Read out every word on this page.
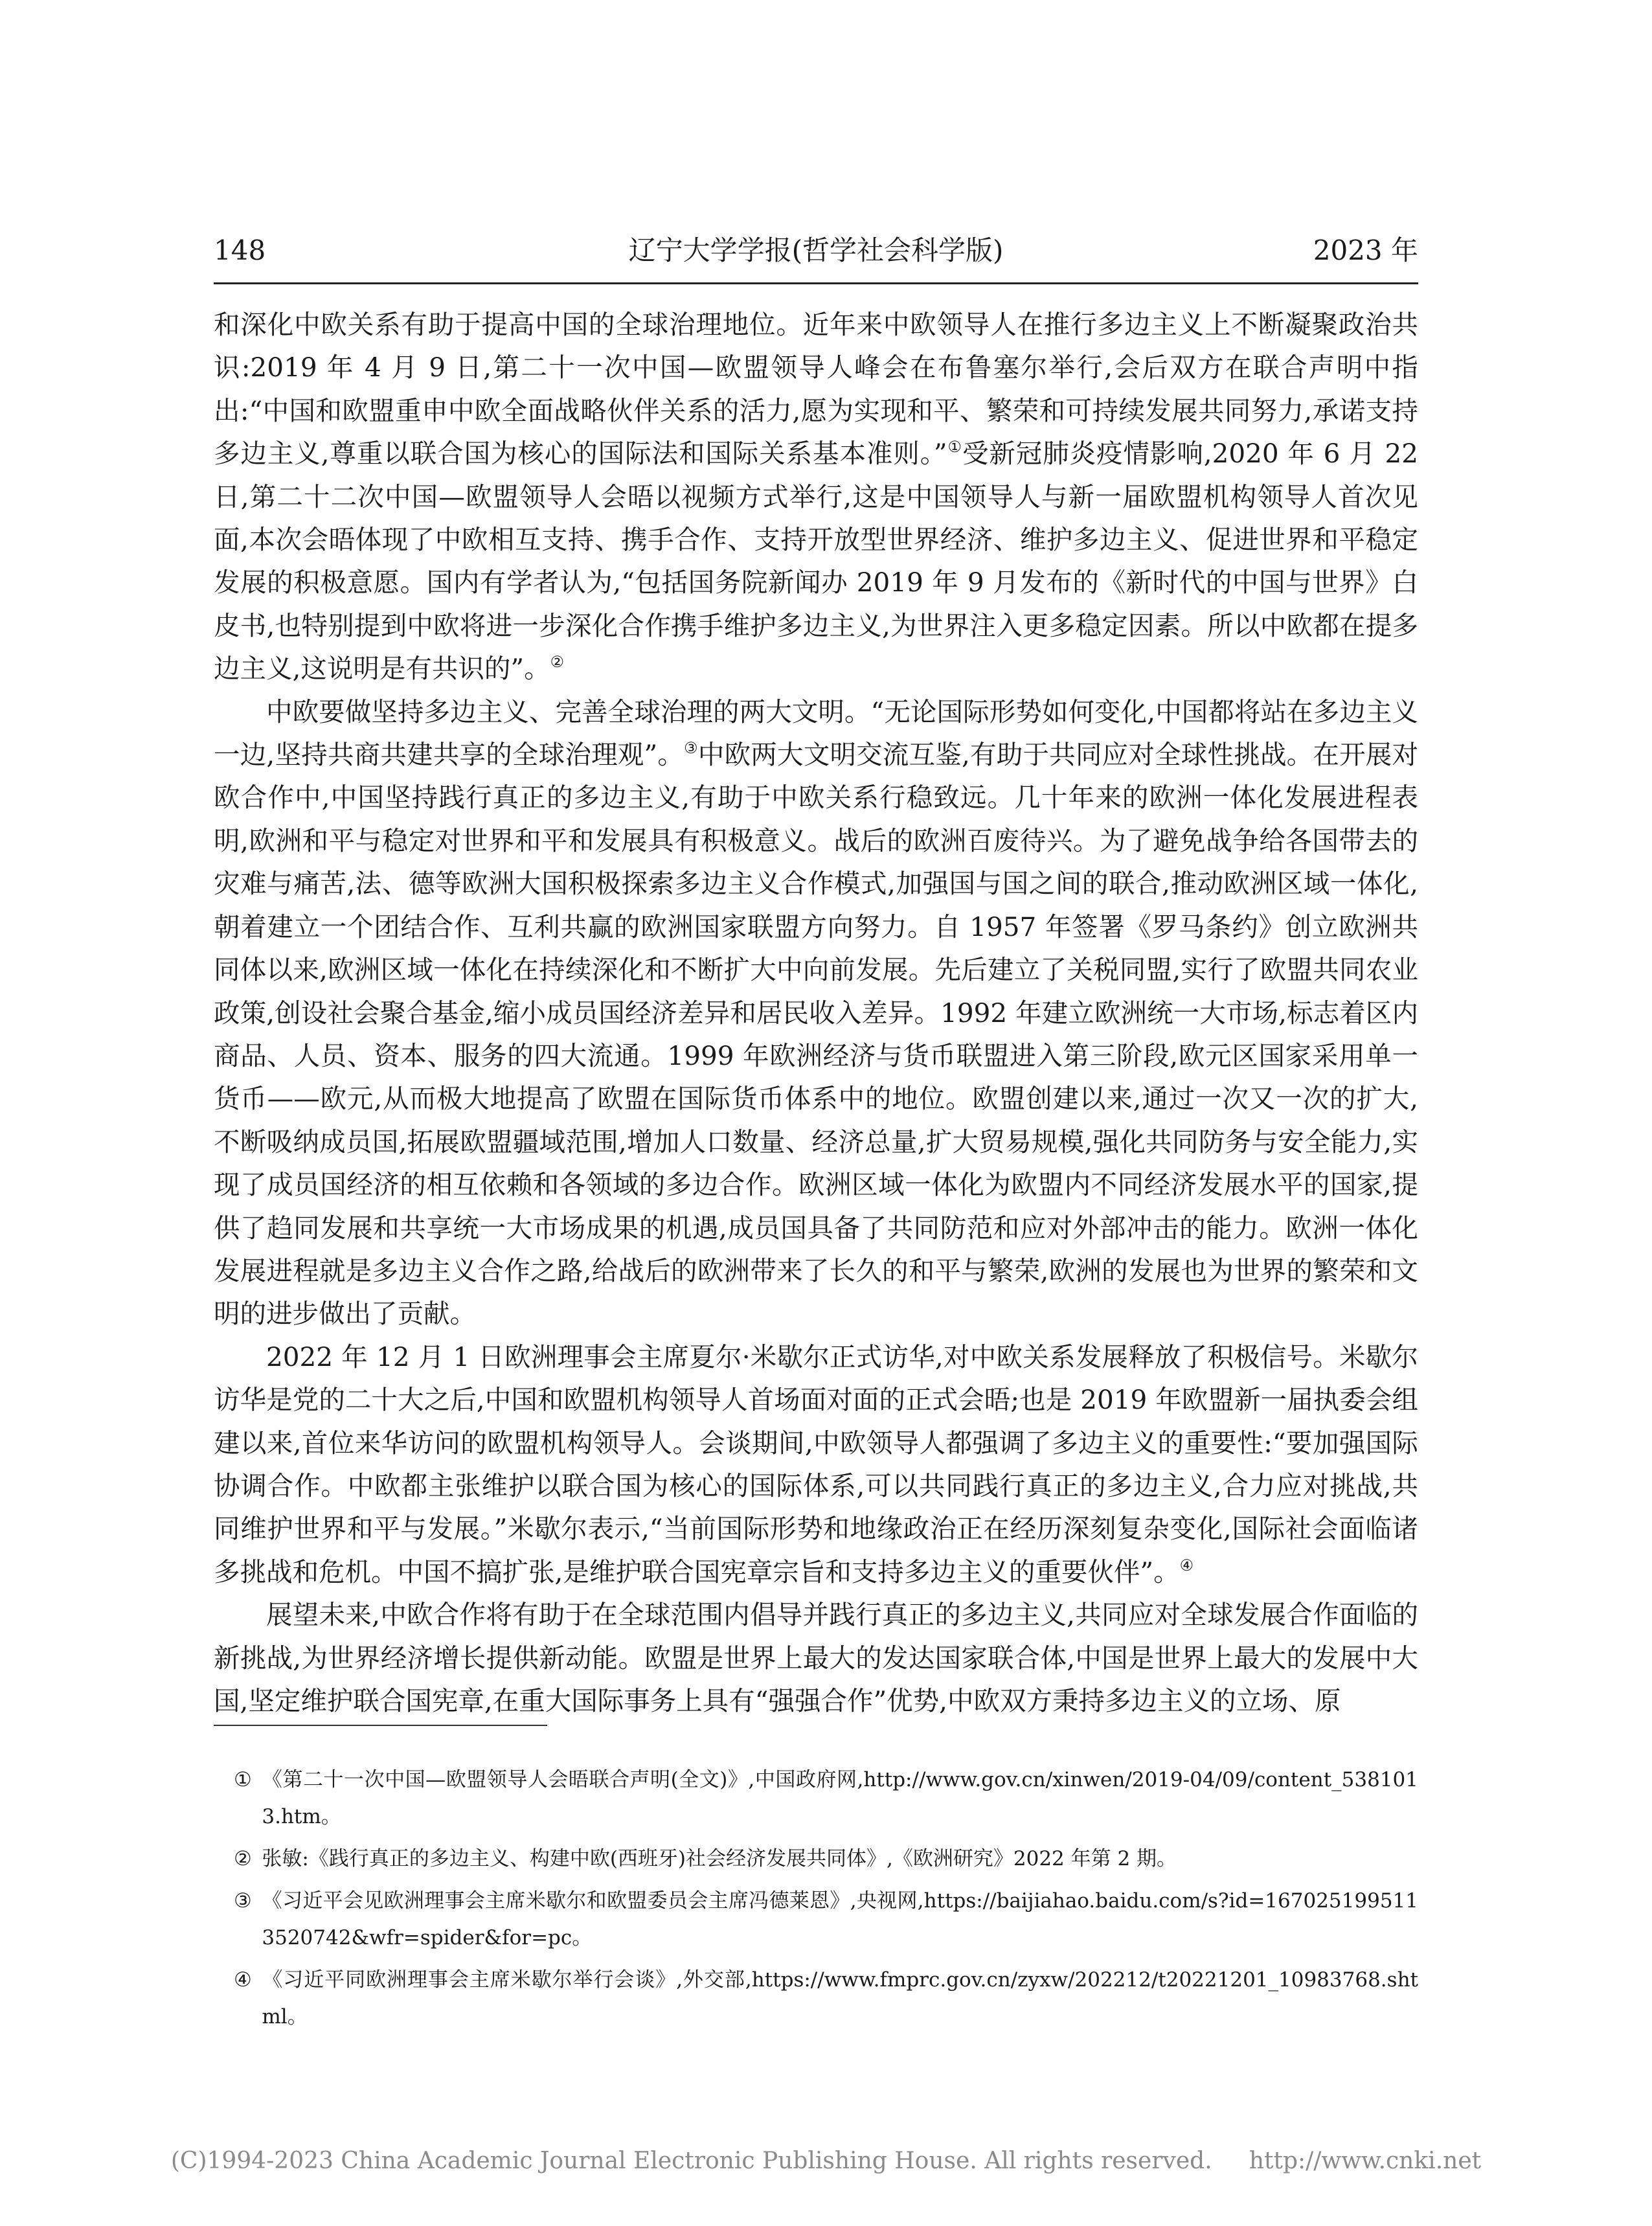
148	辽宁大学学报(哲学社会科学版)	2023 年

和深化中欧关系有助于提高中国的全球治理地位。近年来中欧领导人在推行多边主义上不断凝聚政治共识:2019 年 4 月 9 日,第二十一次中国—欧盟领导人峰会在布鲁塞尔举行,会后双方在联合声明中指出:“中国和欧盟重申中欧全面战略伙伴关系的活力,愿为实现和平、繁荣和可持续发展共同努力,承诺支持多边主义,尊重以联合国为核心的国际法和国际关系基本准则。”①受新冠肺炎疫情影响,2020 年 6 月 22 日,第二十二次中国—欧盟领导人会晤以视频方式举行,这是中国领导人与新一届欧盟机构领导人首次见面,本次会晤体现了中欧相互支持、携手合作、支持开放型世界经济、维护多边主义、促进世界和平稳定发展的积极意愿。国内有学者认为,“包括国务院新闻办 2019 年 9 月发布的《新时代的中国与世界》白皮书,也特别提到中欧将进一步深化合作携手维护多边主义,为世界注入更多稳定因素。所以中欧都在提多边主义,这说明是有共识的”。②

中欧要做坚持多边主义、完善全球治理的两大文明。“无论国际形势如何变化,中国都将站在多边主义一边,坚持共商共建共享的全球治理观”。③中欧两大文明交流互鉴,有助于共同应对全球性挑战。在开展对欧合作中,中国坚持践行真正的多边主义,有助于中欧关系行稳致远。几十年来的欧洲一体化发展进程表明,欧洲和平与稳定对世界和平和发展具有积极意义。战后的欧洲百废待兴。为了避免战争给各国带去的灾难与痛苦,法、德等欧洲大国积极探索多边主义合作模式,加强国与国之间的联合,推动欧洲区域一体化,朝着建立一个团结合作、互利共赢的欧洲国家联盟方向努力。自 1957 年签署《罗马条约》创立欧洲共同体以来,欧洲区域一体化在持续深化和不断扩大中向前发展。先后建立了关税同盟,实行了欧盟共同农业政策,创设社会聚合基金,缩小成员国经济差异和居民收入差异。1992 年建立欧洲统一大市场,标志着区内商品、人员、资本、服务的四大流通。1999 年欧洲经济与货币联盟进入第三阶段,欧元区国家采用单一货币——欧元,从而极大地提高了欧盟在国际货币体系中的地位。欧盟创建以来,通过一次又一次的扩大,不断吸纳成员国,拓展欧盟疆域范围,增加人口数量、经济总量,扩大贸易规模,强化共同防务与安全能力,实现了成员国经济的相互依赖和各领域的多边合作。欧洲区域一体化为欧盟内不同经济发展水平的国家,提供了趋同发展和共享统一大市场成果的机遇,成员国具备了共同防范和应对外部冲击的能力。欧洲一体化发展进程就是多边主义合作之路,给战后的欧洲带来了长久的和平与繁荣,欧洲的发展也为世界的繁荣和文明的进步做出了贡献。

2022 年 12 月 1 日欧洲理事会主席夏尔·米歇尔正式访华,对中欧关系发展释放了积极信号。米歇尔访华是党的二十大之后,中国和欧盟机构领导人首场面对面的正式会晤;也是 2019 年欧盟新一届执委会组建以来,首位来华访问的欧盟机构领导人。会谈期间,中欧领导人都强调了多边主义的重要性:“要加强国际协调合作。中欧都主张维护以联合国为核心的国际体系,可以共同践行真正的多边主义,合力应对挑战,共同维护世界和平与发展。”米歇尔表示,“当前国际形势和地缘政治正在经历深刻复杂变化,国际社会面临诸多挑战和危机。中国不搞扩张,是维护联合国宪章宗旨和支持多边主义的重要伙伴”。④

展望未来,中欧合作将有助于在全球范围内倡导并践行真正的多边主义,共同应对全球发展合作面临的新挑战,为世界经济增长提供新动能。欧盟是世界上最大的发达国家联合体,中国是世界上最大的发展中大国,坚定维护联合国宪章,在重大国际事务上具有“强强合作”优势,中欧双方秉持多边主义的立场、原

① 《第二十一次中国—欧盟领导人会晤联合声明(全文)》,中国政府网,http://www.gov.cn/xinwen/2019-04/09/content_5381013.htm。

② 张敏:《践行真正的多边主义、构建中欧(西班牙)社会经济发展共同体》,《欧洲研究》2022 年第 2 期。

③ 《习近平会见欧洲理事会主席米歇尔和欧盟委员会主席冯德莱恩》,央视网,https://baijiahao.baidu.com/s?id=1670251995113520742&wfr=spider&for=pc。

④ 《习近平同欧洲理事会主席米歇尔举行会谈》,外交部,https://www.fmprc.gov.cn/zyxw/202212/t20221201_10983768.shtml。

(C)1994-2023 China Academic Journal Electronic Publishing House. All rights reserved.     http://www.cnki.net
